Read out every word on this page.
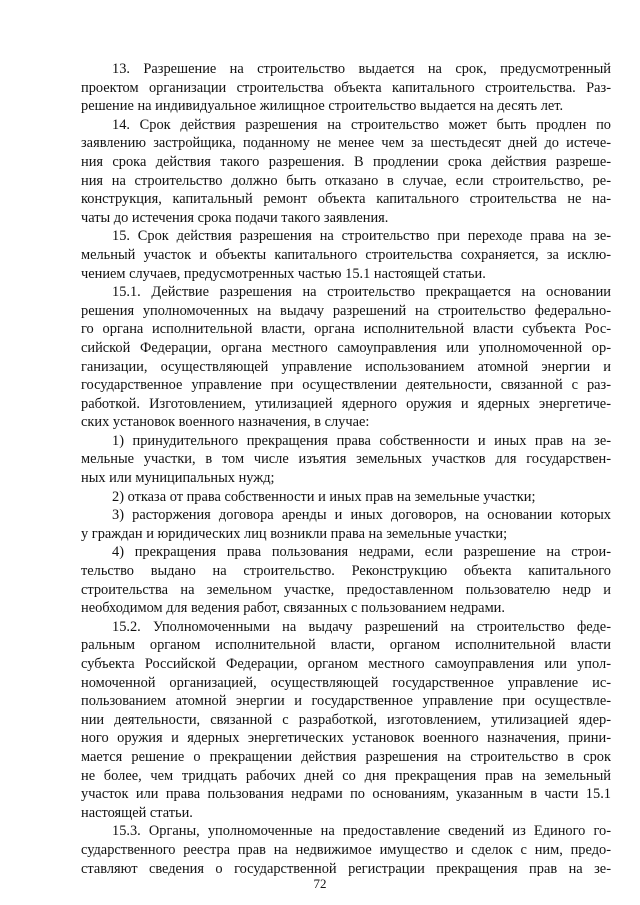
13. Разрешение на строительство выдается на срок, предусмотренный
проектом организации строительства объекта капитального строительства. Раз-
решение на индивидуальное жилищное строительство выдается на десять лет.
14. Срок действия разрешения на строительство может быть продлен по
заявлению застройщика, поданному не менее чем за шестьдесят дней до истече-
ния срока действия такого разрешения. В продлении срока действия разреше-
ния на строительство должно быть отказано в случае, если строительство, ре-
конструкция, капитальный ремонт объекта капитального строительства не на-
чаты до истечения срока подачи такого заявления.
15. Срок действия разрешения на строительство при переходе права на зе-
мельный участок и объекты капитального строительства сохраняется, за исклю-
чением случаев, предусмотренных частью 15.1 настоящей статьи.
15.1. Действие разрешения на строительство прекращается на основании
решения уполномоченных на выдачу разрешений на строительство федерально-
го органа исполнительной власти, органа исполнительной власти субъекта Рос-
сийской Федерации, органа местного самоуправления или уполномоченной ор-
ганизации, осуществляющей управление использованием атомной энергии и
государственное управление при осуществлении деятельности, связанной с раз-
работкой. Изготовлением, утилизацией ядерного оружия и ядерных энергетиче-
ских установок военного назначения, в случае:
1) принудительного прекращения права собственности и иных прав на зе-
мельные участки, в том числе изъятия земельных участков для государствен-
ных или муниципальных нужд;
2) отказа от права собственности и иных прав на земельные участки;
3) расторжения договора аренды и иных договоров, на основании которых
у граждан и юридических лиц возникли права на земельные участки;
4) прекращения права пользования недрами, если разрешение на строи-
тельство выдано на строительство. Реконструкцию объекта капитального
строительства на земельном участке, предоставленном пользователю недр и
необходимом для ведения работ, связанных с пользованием недрами.
15.2. Уполномоченными на выдачу разрешений на строительство феде-
ральным органом исполнительной власти, органом исполнительной власти
субъекта Российской Федерации, органом местного самоуправления или упол-
номоченной организацией, осуществляющей государственное управление ис-
пользованием атомной энергии и государственное управление при осуществле-
нии деятельности, связанной с разработкой, изготовлением, утилизацией ядер-
ного оружия и ядерных энергетических установок военного назначения, прини-
мается решение о прекращении действия разрешения на строительство в срок
не более, чем тридцать рабочих дней со дня прекращения прав на земельный
участок или права пользования недрами по основаниям, указанным в части 15.1
настоящей статьи.
15.3. Органы, уполномоченные на предоставление сведений из Единого го-
сударственного реестра прав на недвижимое имущество и сделок с ним, предо-
ставляют сведения о государственной регистрации прекращения прав на зе-
72
